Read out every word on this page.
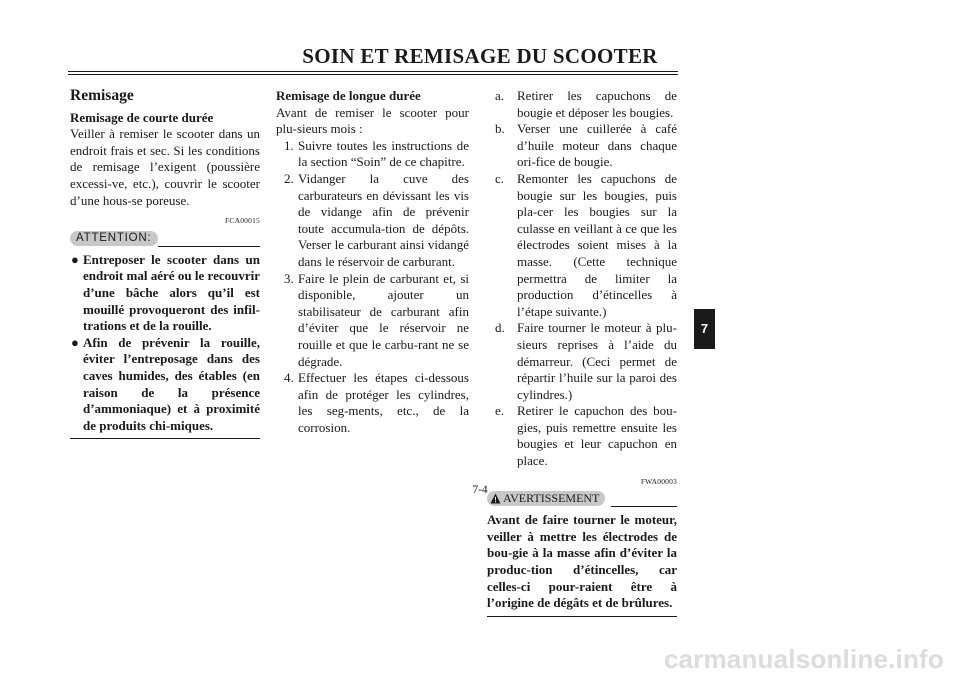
SOIN ET REMISAGE DU SCOOTER
Remisage
Remisage de courte durée
Veiller à remiser le scooter dans un endroit frais et sec. Si les conditions de remisage l’exigent (poussière excessi-ve, etc.), couvrir le scooter d’une hous-se poreuse.
FCA00015
ATTENTION:
● Entreposer le scooter dans un endroit mal aéré ou le recouvrir d’une bâche alors qu’il est mouillé provoqueront des infil-trations et de la rouille.
● Afin de prévenir la rouille, éviter l’entreposage dans des caves humides, des étables (en raison de la présence d’ammoniaque) et à proximité de produits chi-miques.
Remisage de longue durée
Avant de remiser le scooter pour plu-sieurs mois :
1. Suivre toutes les instructions de la section “Soin” de ce chapitre.
2. Vidanger la cuve des carburateurs en dévissant les vis de vidange afin de prévenir toute accumula-tion de dépôts. Verser le carburant ainsi vidangé dans le réservoir de carburant.
3. Faire le plein de carburant et, si disponible, ajouter un stabilisateur de carburant afin d’éviter que le réservoir ne rouille et que le carbu-rant ne se dégrade.
4. Effectuer les étapes ci-dessous afin de protéger les cylindres, les seg-ments, etc., de la corrosion.
a. Retirer les capuchons de bougie et déposer les bougies.
b. Verser une cuillerée à café d’huile moteur dans chaque ori-fice de bougie.
c. Remonter les capuchons de bougie sur les bougies, puis pla-cer les bougies sur la culasse en veillant à ce que les électrodes soient mises à la masse. (Cette technique permettra de limiter la production d’étincelles à l’étape suivante.)
d. Faire tourner le moteur à plu-sieurs reprises à l’aide du démarreur. (Ceci permet de répartir l’huile sur la paroi des cylindres.)
e. Retirer le capuchon des bou-gies, puis remettre ensuite les bougies et leur capuchon en place.
FWA00003
AVERTISSEMENT
Avant de faire tourner le moteur, veiller à mettre les électrodes de bou-gie à la masse afin d’éviter la produc-tion d’étincelles, car celles-ci pour-raient être à l’origine de dégâts et de brûlures.
7-4
7
carmanualsonline.info
